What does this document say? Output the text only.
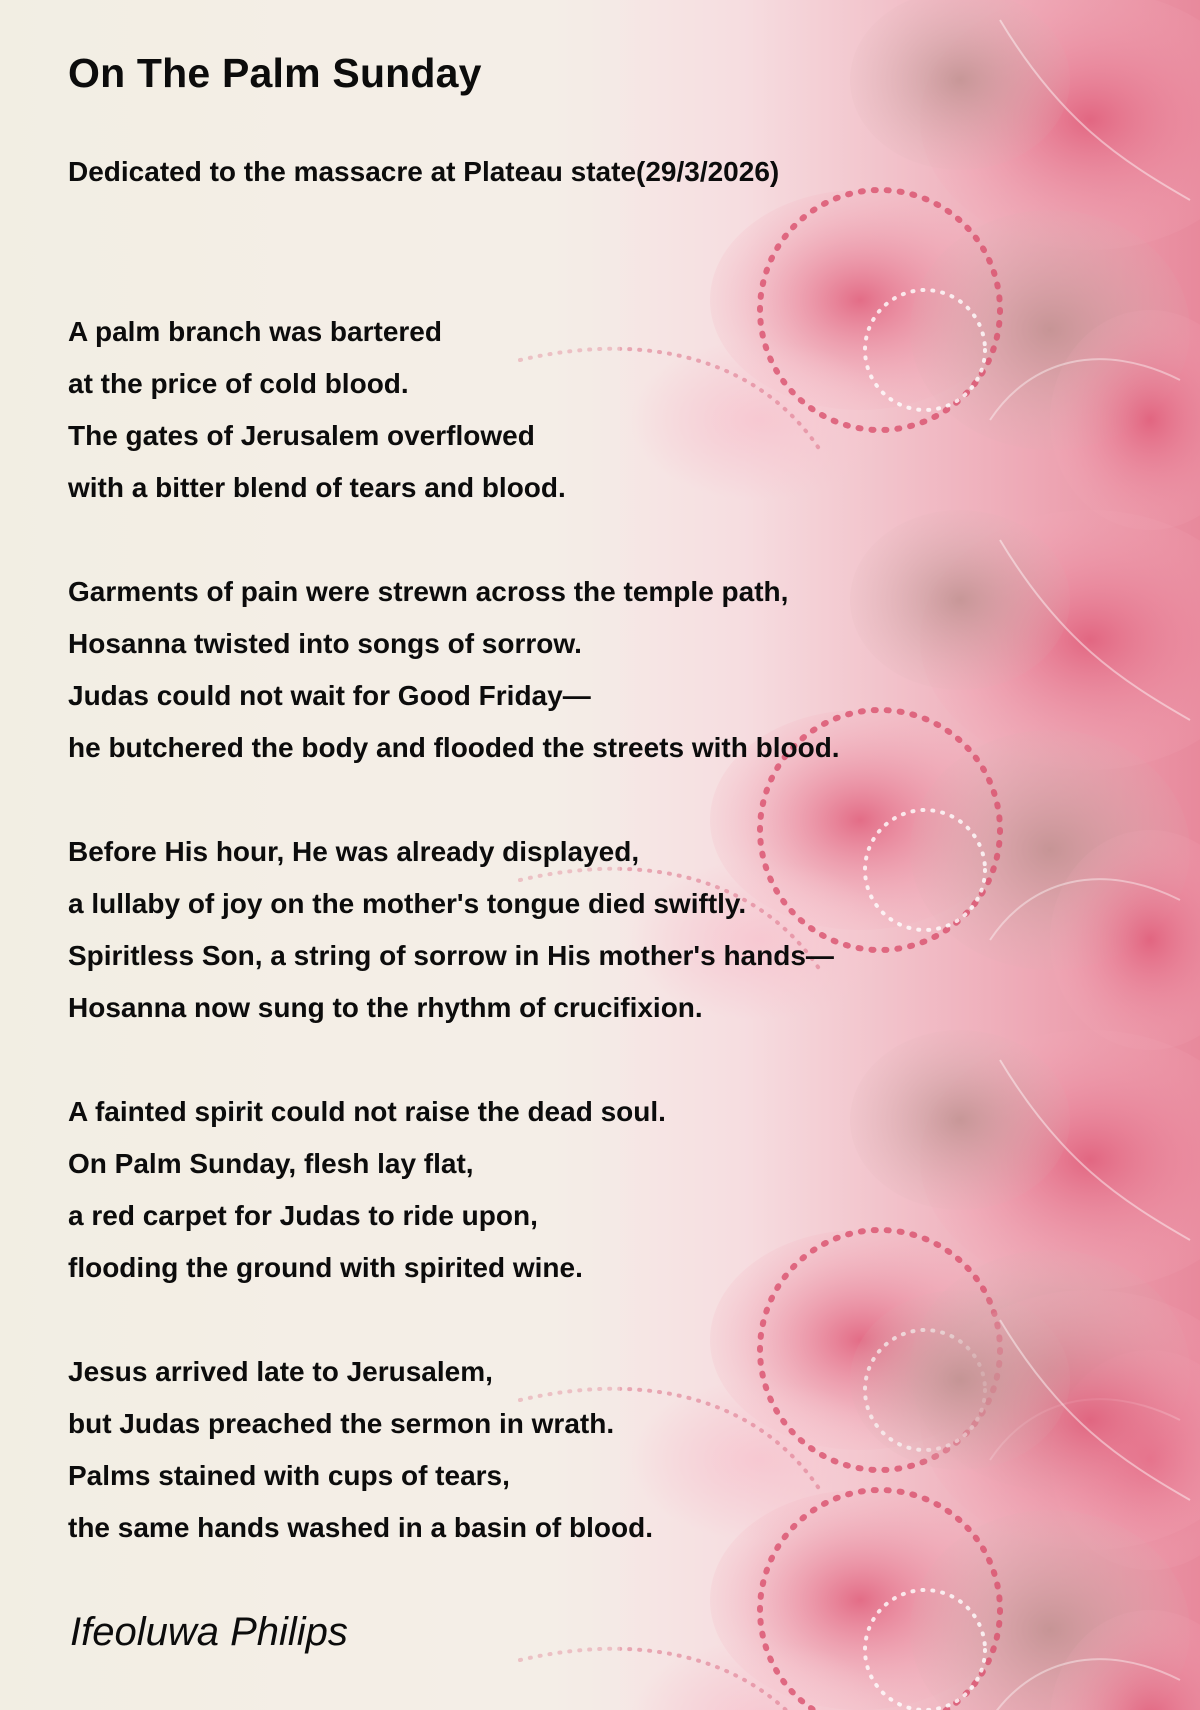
On The Palm Sunday

Dedicated to the massacre at Plateau state(29/3/2026)

A palm branch was bartered
at the price of cold blood.
The gates of Jerusalem overflowed
with a bitter blend of tears and blood.
Garments of pain were strewn across the temple path,
Hosanna twisted into songs of sorrow.
Judas could not wait for Good Friday—
he butchered the body and flooded the streets with blood.
Before His hour, He was already displayed,
a lullaby of joy on the mother's tongue died swiftly.
Spiritless Son, a string of sorrow in His mother's hands—
Hosanna now sung to the rhythm of crucifixion.
A fainted spirit could not raise the dead soul.
On Palm Sunday, flesh lay flat,
a red carpet for Judas to ride upon,
flooding the ground with spirited wine.
Jesus arrived late to Jerusalem,
but Judas preached the sermon in wrath.
Palms stained with cups of tears,
the same hands washed in a basin of blood.

Ifeoluwa Philips
